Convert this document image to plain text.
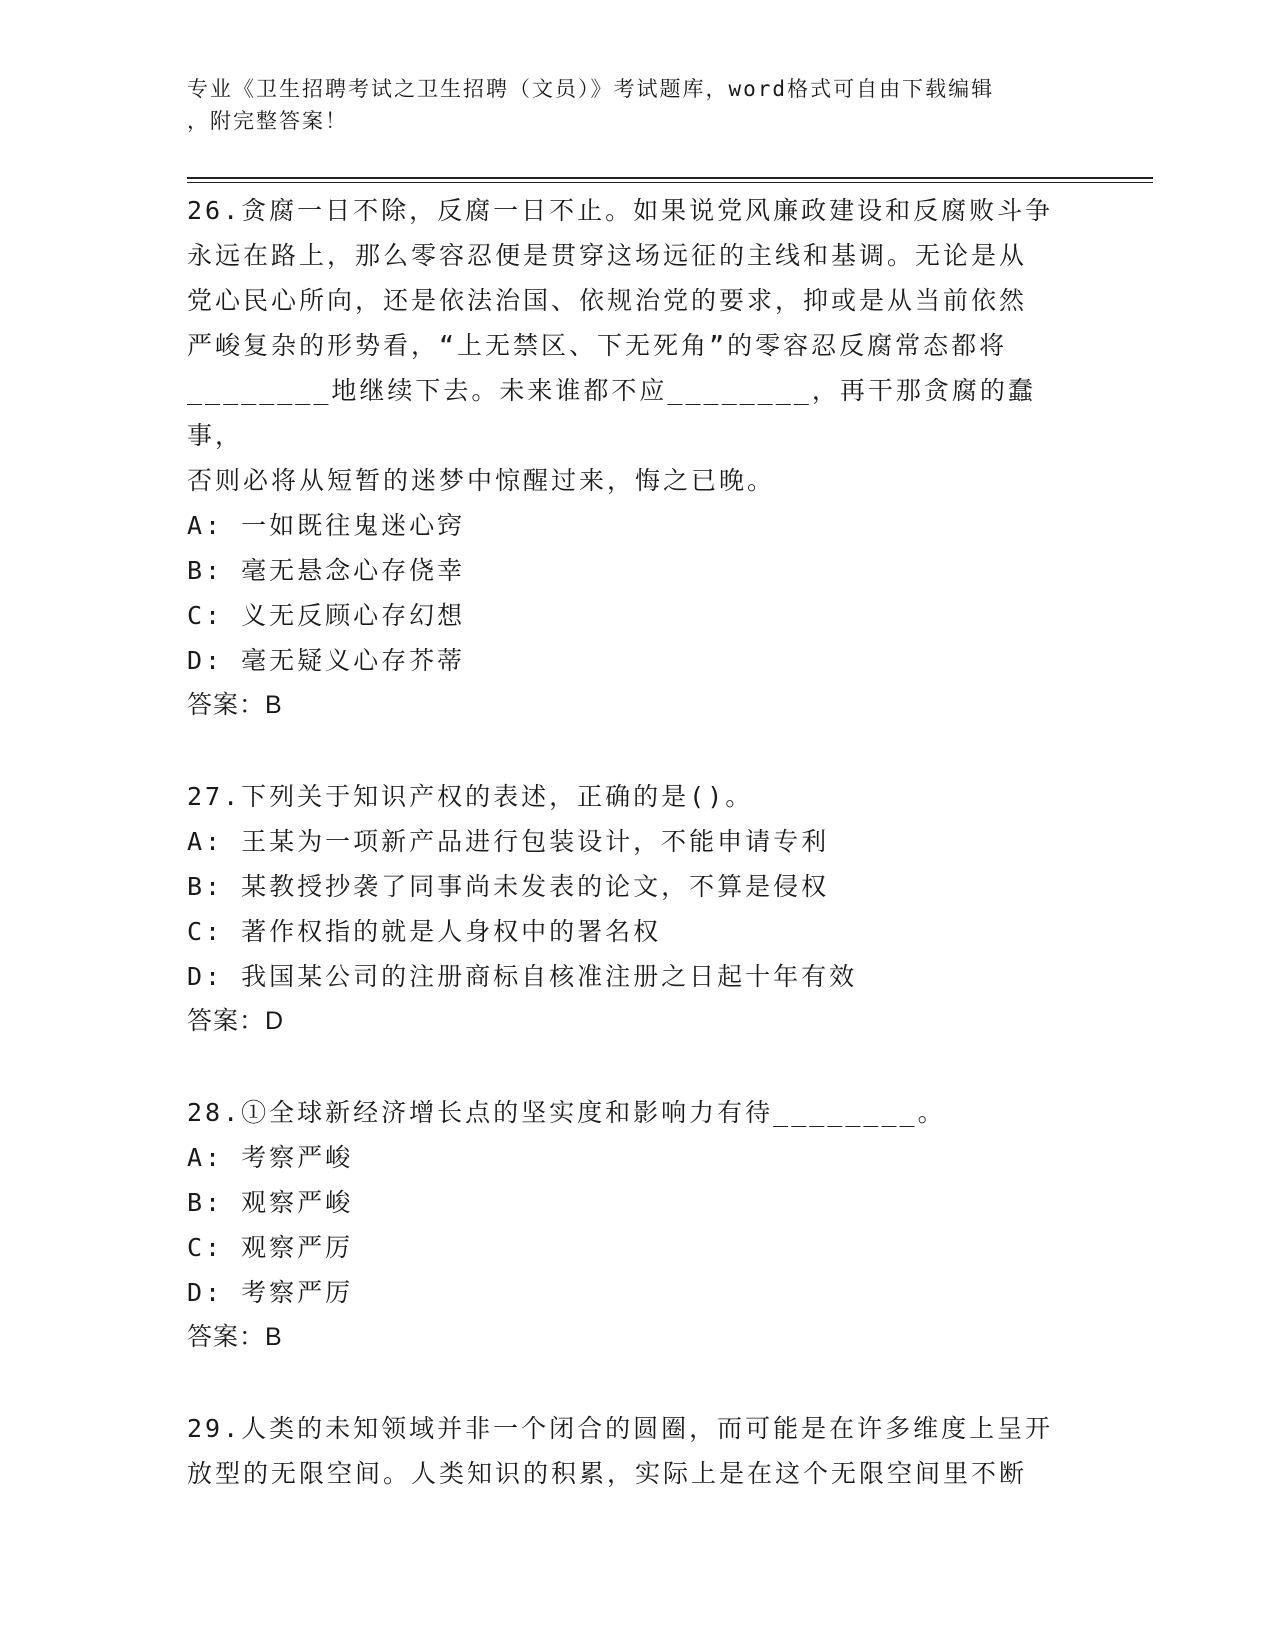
专业《卫生招聘考试之卫生招聘（文员）》考试题库，word格式可自由下载编辑
，附完整答案！
26.贪腐一日不除，反腐一日不止。如果说党风廉政建设和反腐败斗争
永远在路上，那么零容忍便是贯穿这场远征的主线和基调。无论是从
党心民心所向，还是依法治国、依规治党的要求，抑或是从当前依然
严峻复杂的形势看，“上无禁区、下无死角”的零容忍反腐常态都将
________地继续下去。未来谁都不应________，再干那贪腐的蠢事，
否则必将从短暂的迷梦中惊醒过来，悔之已晚。
A: 一如既往鬼迷心窍
B: 毫无悬念心存侥幸
C: 义无反顾心存幻想
D: 毫无疑义心存芥蒂
答案：B
27.下列关于知识产权的表述，正确的是()。
A: 王某为一项新产品进行包装设计，不能申请专利
B: 某教授抄袭了同事尚未发表的论文，不算是侵权
C: 著作权指的就是人身权中的署名权
D: 我国某公司的注册商标自核准注册之日起十年有效
答案：D
28.①全球新经济增长点的坚实度和影响力有待________。
A: 考察严峻
B: 观察严峻
C: 观察严厉
D: 考察严厉
答案：B
29.人类的未知领域并非一个闭合的圆圈，而可能是在许多维度上呈开
放型的无限空间。人类知识的积累，实际上是在这个无限空间里不断
